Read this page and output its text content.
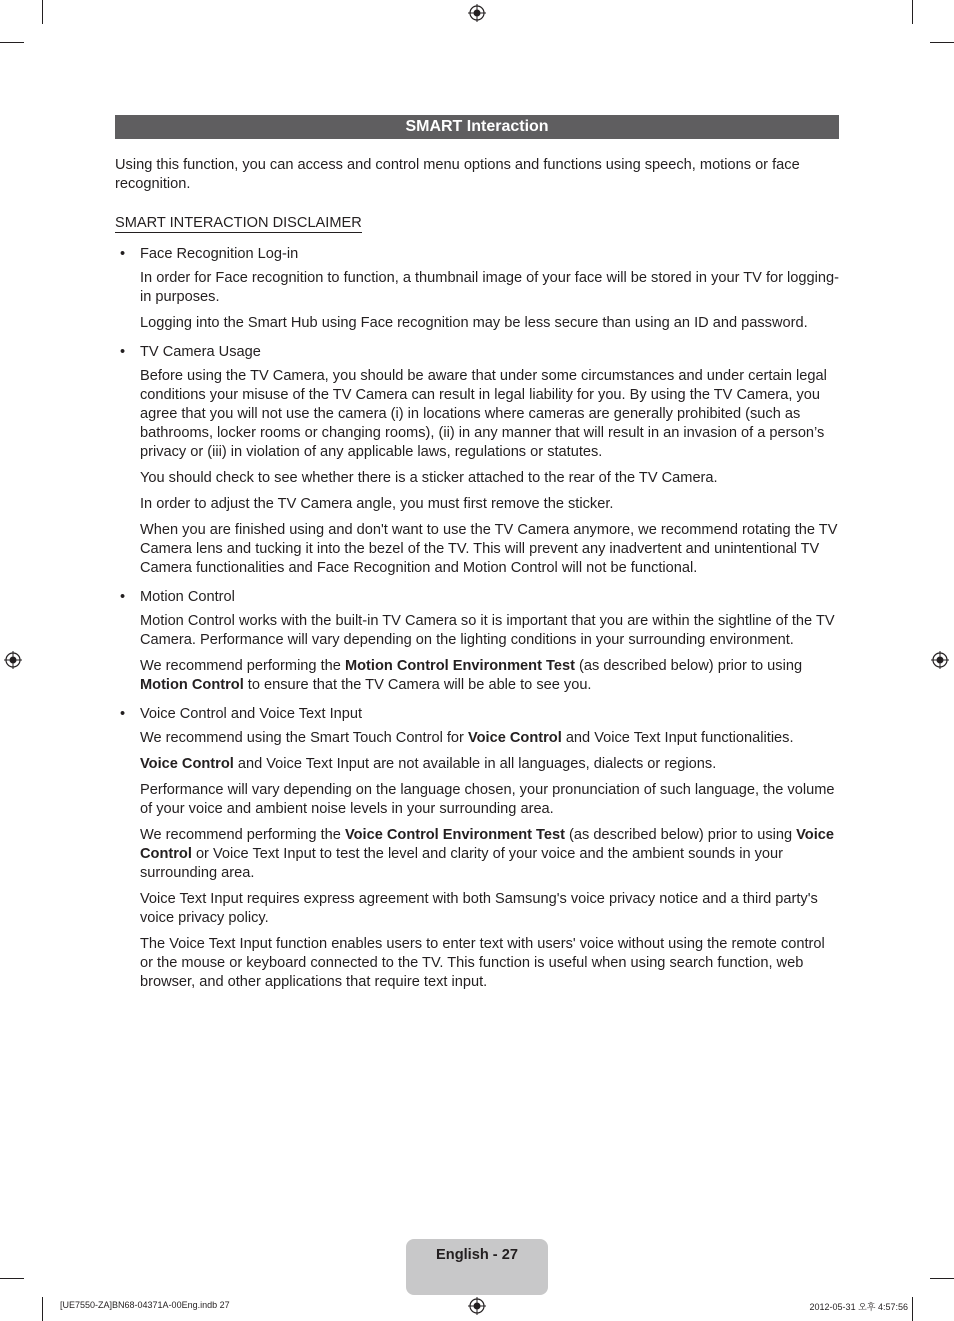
SMART Interaction

Using this function, you can access and control menu options and functions using speech, motions or face recognition.

SMART INTERACTION DISCLAIMER
• Face Recognition Log-in

In order for Face recognition to function, a thumbnail image of your face will be stored in your TV for logging-in purposes.

Logging into the Smart Hub using Face recognition may be less secure than using an ID and password.

• TV Camera Usage

Before using the TV Camera, you should be aware that under some circumstances and under certain legal conditions your misuse of the TV Camera can result in legal liability for you. By using the TV Camera, you agree that you will not use the camera (i) in locations where cameras are generally prohibited (such as bathrooms, locker rooms or changing rooms), (ii) in any manner that will result in an invasion of a person’s privacy or (iii) in violation of any applicable laws, regulations or statutes.

You should check to see whether there is a sticker attached to the rear of the TV Camera.

In order to adjust the TV Camera angle, you must first remove the sticker.

When you are finished using and don't want to use the TV Camera anymore, we recommend rotating the TV Camera lens and tucking it into the bezel of the TV. This will prevent any inadvertent and unintentional TV Camera functionalities and Face Recognition and Motion Control will not be functional.

• Motion Control

Motion Control works with the built-in TV Camera so it is important that you are within the sightline of the TV Camera. Performance will vary depending on the lighting conditions in your surrounding environment.

We recommend performing the Motion Control Environment Test (as described below) prior to using Motion Control to ensure that the TV Camera will be able to see you.

• Voice Control and Voice Text Input

We recommend using the Smart Touch Control for Voice Control and Voice Text Input functionalities.

Voice Control and Voice Text Input are not available in all languages, dialects or regions.

Performance will vary depending on the language chosen, your pronunciation of such language, the volume of your voice and ambient noise levels in your surrounding area.

We recommend performing the Voice Control Environment Test (as described below) prior to using Voice Control or Voice Text Input to test the level and clarity of your voice and the ambient sounds in your surrounding area.

Voice Text Input requires express agreement with both Samsung's voice privacy notice and a third party's voice privacy policy.

The Voice Text Input function enables users to enter text with users' voice without using the remote control or the mouse or keyboard connected to the TV. This function is useful when using search function, web browser, and other applications that require text input.

English - 27
[UE7550-ZA]BN68-04371A-00Eng.indb 27	2012-05-31 오후 4:57:56
